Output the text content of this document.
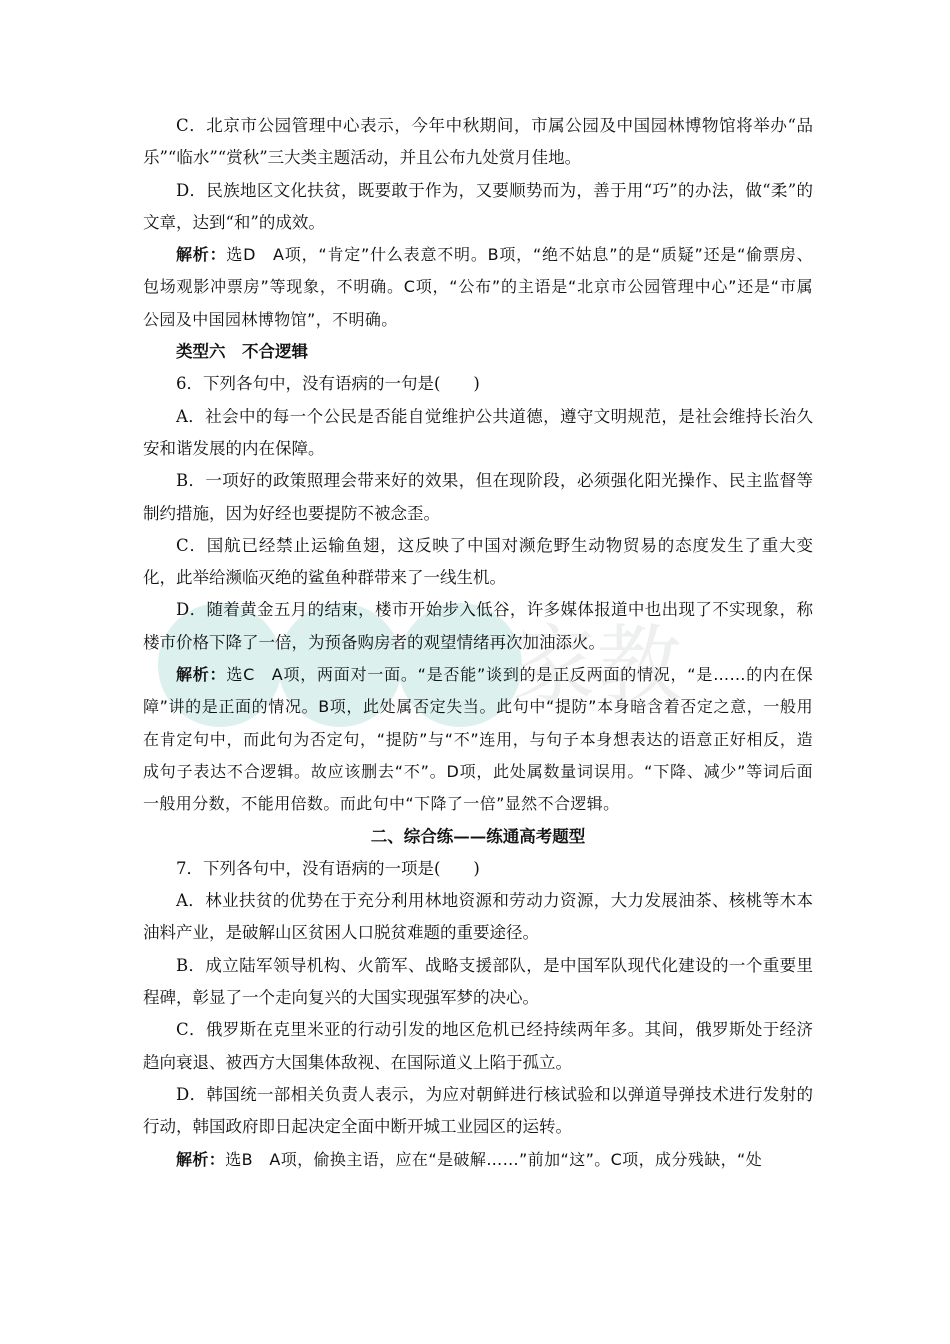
家教

C．北京市公园管理中心表示，今年中秋期间，市属公园及中国园林博物馆将举办“品乐”“临水”“赏秋”三大类主题活动，并且公布九处赏月佳地。

D．民族地区文化扶贫，既要敢于作为，又要顺势而为，善于用“巧”的办法，做“柔”的文章，达到“和”的成效。

解析：选D　A项，“肯定”什么表意不明。B项，“绝不姑息”的是“质疑”还是“偷票房、包场观影冲票房”等现象，不明确。C项，“公布”的主语是“北京市公园管理中心”还是“市属公园及中国园林博物馆”，不明确。

类型六　不合逻辑

6．下列各句中，没有语病的一句是(　　)

A．社会中的每一个公民是否能自觉维护公共道德，遵守文明规范，是社会维持长治久安和谐发展的内在保障。

B．一项好的政策照理会带来好的效果，但在现阶段，必须强化阳光操作、民主监督等制约措施，因为好经也要提防不被念歪。

C．国航已经禁止运输鱼翅，这反映了中国对濒危野生动物贸易的态度发生了重大变化，此举给濒临灭绝的鲨鱼种群带来了一线生机。

D．随着黄金五月的结束，楼市开始步入低谷，许多媒体报道中也出现了不实现象，称楼市价格下降了一倍，为预备购房者的观望情绪再次加油添火。

解析：选C　A项，两面对一面。“是否能”谈到的是正反两面的情况，“是……的内在保障”讲的是正面的情况。B项，此处属否定失当。此句中“提防”本身暗含着否定之意，一般用在肯定句中，而此句为否定句，“提防”与“不”连用，与句子本身想表达的语意正好相反，造成句子表达不合逻辑。故应该删去“不”。D项，此处属数量词误用。“下降、减少”等词后面一般用分数，不能用倍数。而此句中“下降了一倍”显然不合逻辑。

二、综合练——练通高考题型

7．下列各句中，没有语病的一项是(　　)

A．林业扶贫的优势在于充分利用林地资源和劳动力资源，大力发展油茶、核桃等木本油料产业，是破解山区贫困人口脱贫难题的重要途径。

B．成立陆军领导机构、火箭军、战略支援部队，是中国军队现代化建设的一个重要里程碑，彰显了一个走向复兴的大国实现强军梦的决心。

C．俄罗斯在克里米亚的行动引发的地区危机已经持续两年多。其间，俄罗斯处于经济趋向衰退、被西方大国集体敌视、在国际道义上陷于孤立。

D．韩国统一部相关负责人表示，为应对朝鲜进行核试验和以弹道导弹技术进行发射的行动，韩国政府即日起决定全面中断开城工业园区的运转。

解析：选B　A项，偷换主语，应在“是破解……”前加“这”。C项，成分残缺，“处
